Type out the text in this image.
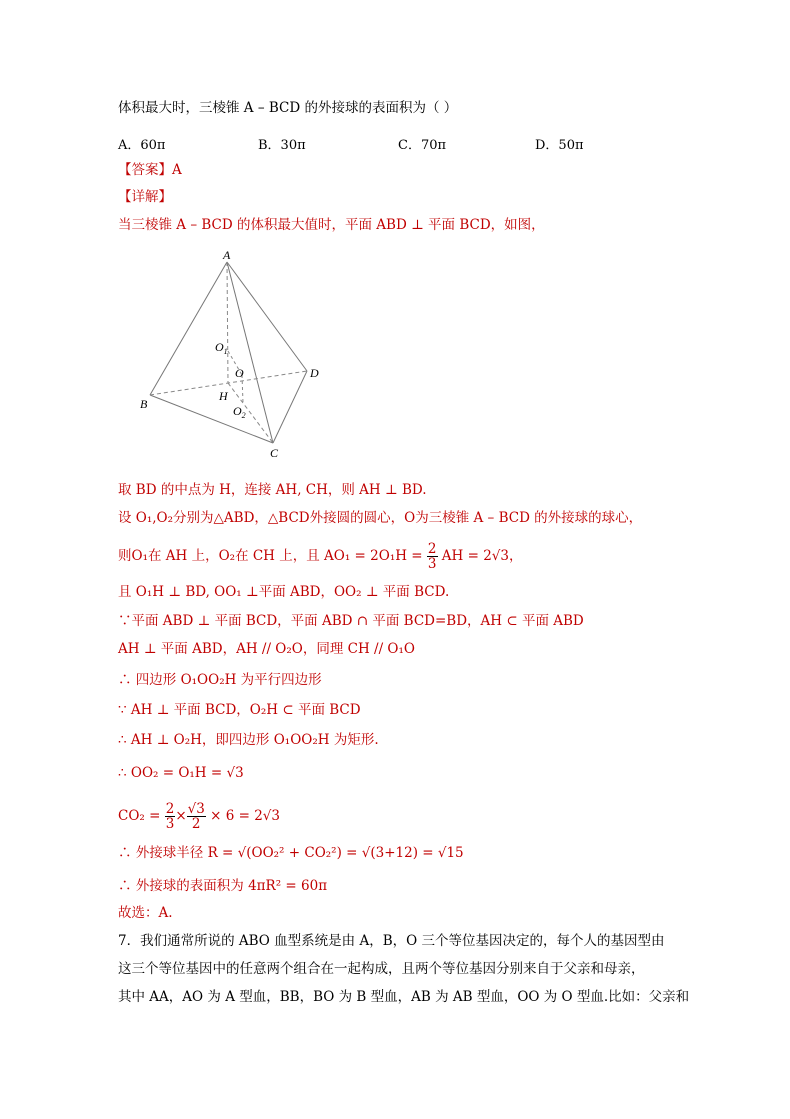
体积最大时，三棱锥 A – BCD 的外接球的表面积为（ ）
A．60π	B．30π	C．70π	D．50π
【答案】A
【详解】
当三棱锥 A – BCD 的体积最大值时，平面 ABD ⊥ 平面 BCD，如图，
A
B
C
D
$O_1$
O
H
$O_2$
取 BD 的中点为 H，连接 AH, CH，则 AH ⊥ BD.
设 O₁,O₂分别为△ABD，△BCD外接圆的圆心，O为三棱锥 A – BCD 的外接球的球心，
则O₁在 AH 上，O₂在 CH 上，且 $AO_1 = 2O_1H = \frac{2}{3}$ AH = 2√3，
且 O₁H ⊥ BD, OO₁ ⊥平面 ABD，OO₂ ⊥ 平面 BCD.
∵平面 ABD ⊥ 平面 BCD，平面 ABD ∩ 平面 BCD=BD，AH ⊂ 平面 ABD
AH ⊥ 平面 ABD，AH // O₂O，同理 CH // O₁O
∴ 四边形 O₁OO₂H 为平行四边形
∵ AH ⊥ 平面 BCD，O₂H ⊂ 平面 BCD
∴ AH ⊥ O₂H，即四边形 O₁OO₂H 为矩形.
∴ OO₂ = O₁H = √3
$CO_2 = \frac{2}{3} \times \frac{√3}{2} \times 6 = 2√3$
∴ 外接球半径 R = √(OO₂² + CO₂²) = √(3+12) = √15
∴ 外接球的表面积为 4πR² = 60π
故选：A.
7．我们通常所说的 ABO 血型系统是由 A，B，O 三个等位基因决定的，每个人的基因型由
这三个等位基因中的任意两个组合在一起构成，且两个等位基因分别来自于父亲和母亲，
其中 AA，AO 为 A 型血，BB，BO 为 B 型血，AB 为 AB 型血，OO 为 O 型血.比如：父亲和
